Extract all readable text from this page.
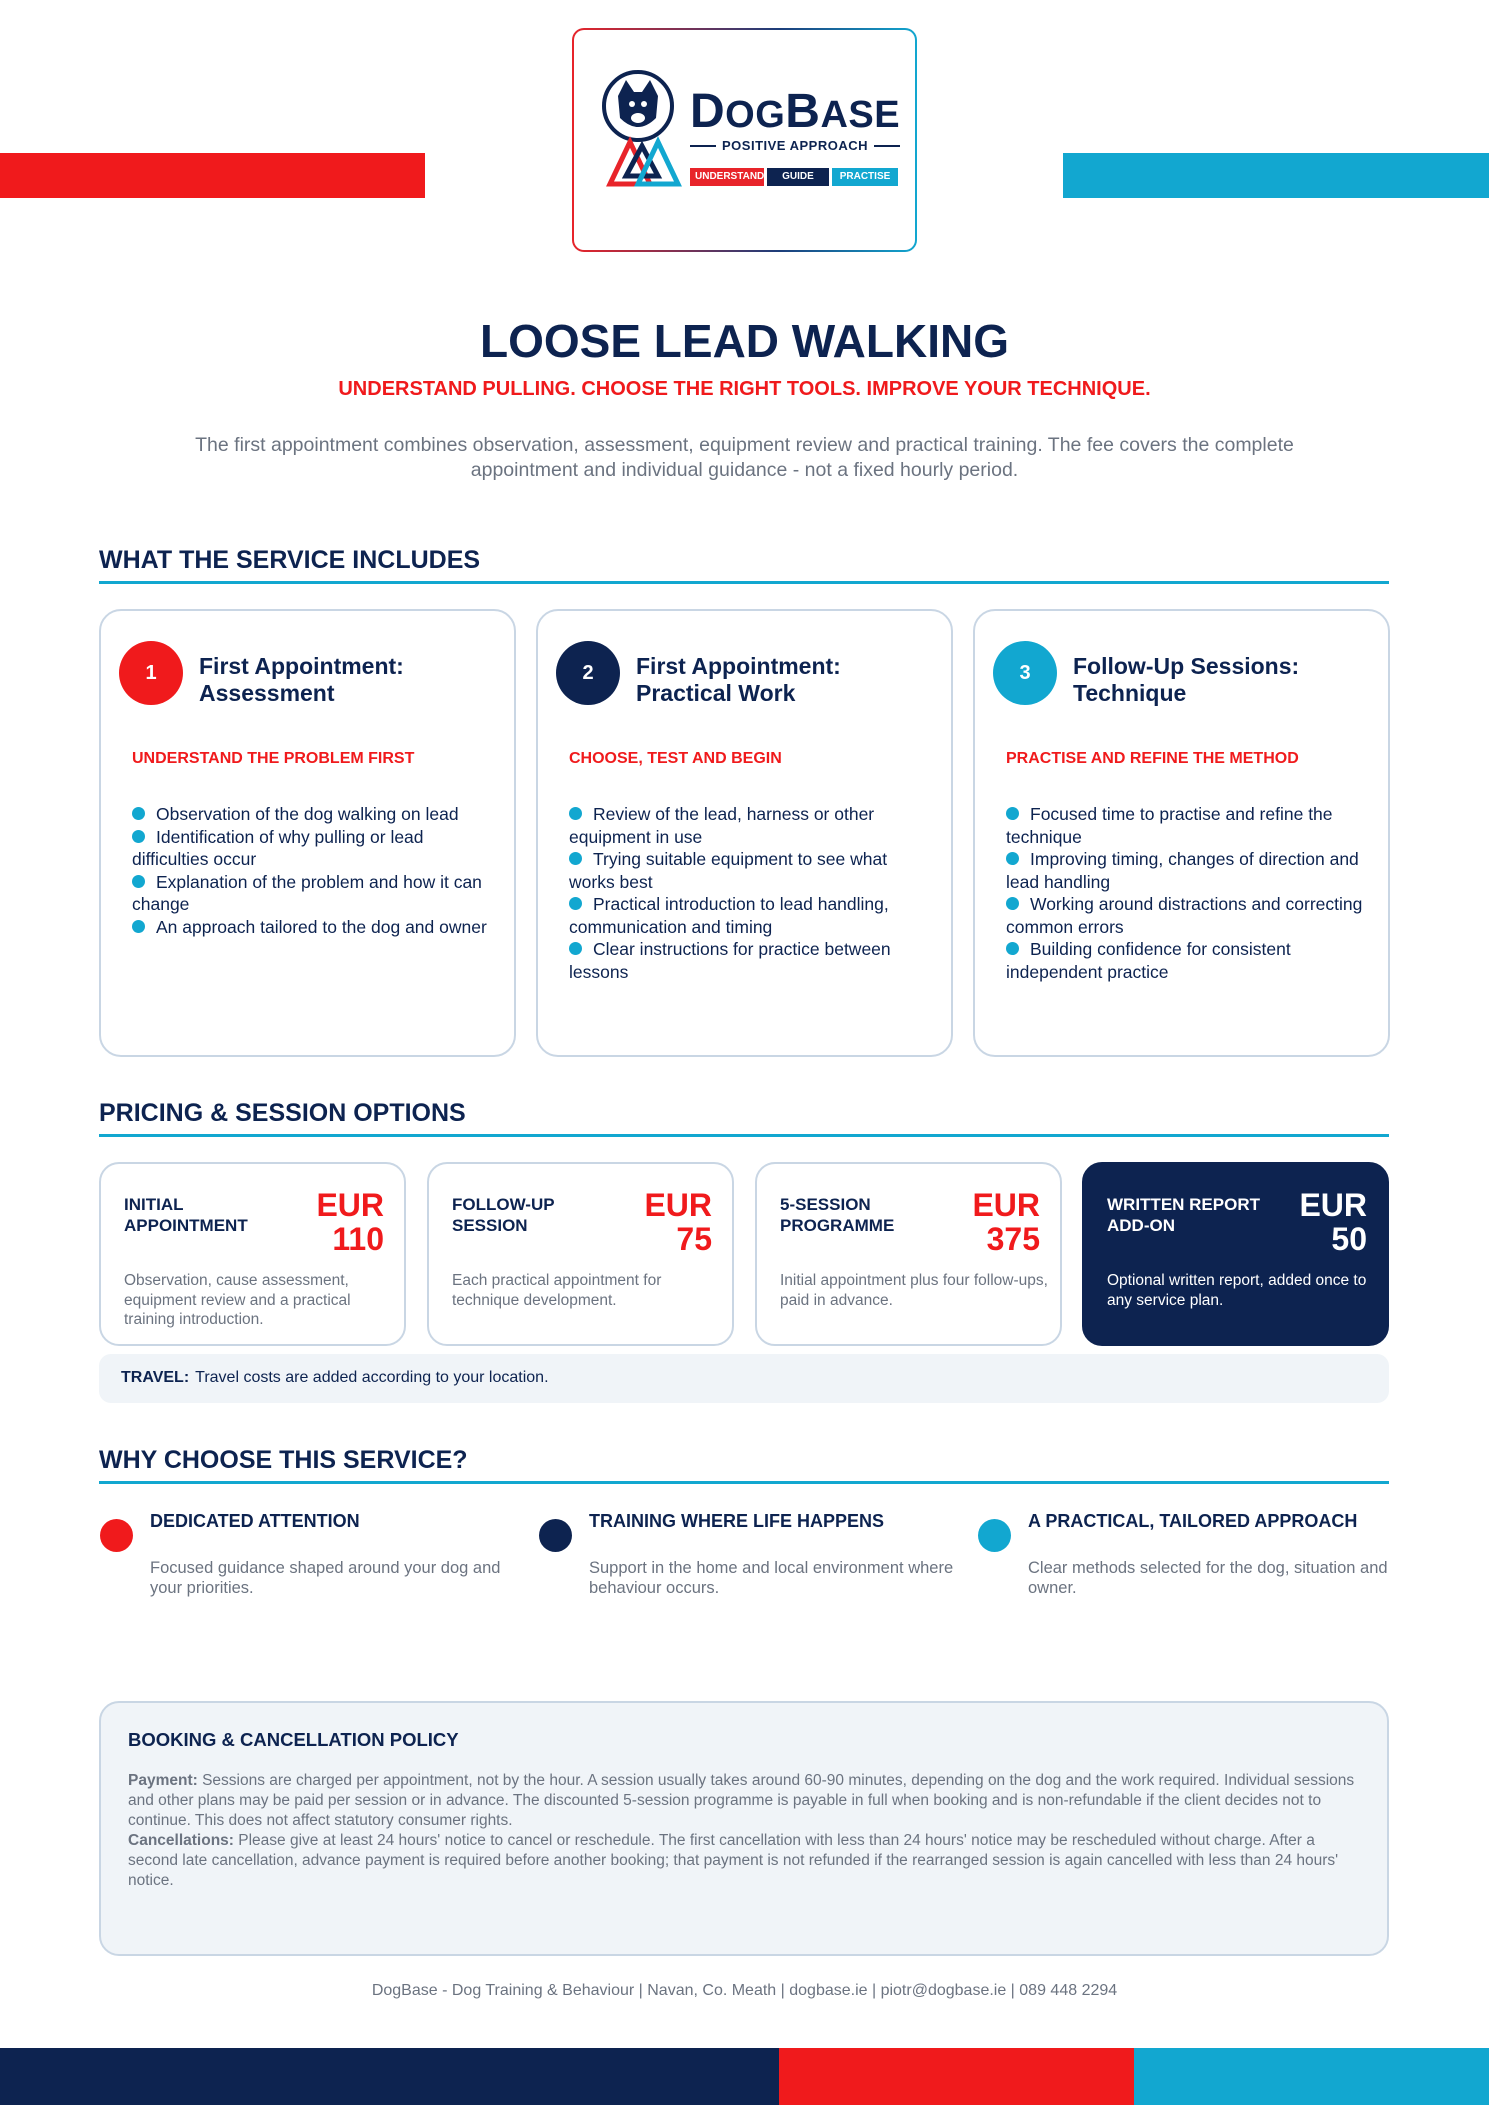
DOGBASE
POSITIVE APPROACH
UNDERSTAND	GUIDE	PRACTISE
LOOSE LEAD WALKING
UNDERSTAND PULLING. CHOOSE THE RIGHT TOOLS. IMPROVE YOUR TECHNIQUE.

The first appointment combines observation, assessment, equipment review and practical training. The fee covers the complete appointment and individual guidance - not a fixed hourly period.

WHAT THE SERVICE INCLUDES
1	First Appointment: Assessment
UNDERSTAND THE PROBLEM FIRST
Observation of the dog walking on lead
Identification of why pulling or lead difficulties occur
Explanation of the problem and how it can change
An approach tailored to the dog and owner
2	First Appointment: Practical Work
CHOOSE, TEST AND BEGIN
Review of the lead, harness or other equipment in use
Trying suitable equipment to see what works best
Practical introduction to lead handling, communication and timing
Clear instructions for practice between lessons
3	Follow-Up Sessions: Technique
PRACTISE AND REFINE THE METHOD
Focused time to practise and refine the technique
Improving timing, changes of direction and lead handling
Working around distractions and correcting common errors
Building confidence for consistent independent practice
PRICING & SESSION OPTIONS
INITIAL APPOINTMENT
EUR
110
Observation, cause assessment, equipment review and a practical training introduction.
FOLLOW-UP SESSION
EUR
75
Each practical appointment for technique development.
5-SESSION PROGRAMME
EUR
375
Initial appointment plus four follow-ups, paid in advance.
WRITTEN REPORT ADD-ON
EUR
50
Optional written report, added once to any service plan.
TRAVEL: Travel costs are added according to your location.
WHY CHOOSE THIS SERVICE?
DEDICATED ATTENTION
Focused guidance shaped around your dog and your priorities.
TRAINING WHERE LIFE HAPPENS
Support in the home and local environment where behaviour occurs.
A PRACTICAL, TAILORED APPROACH
Clear methods selected for the dog, situation and owner.
BOOKING & CANCELLATION POLICY

Payment: Sessions are charged per appointment, not by the hour. A session usually takes around 60-90 minutes, depending on the dog and the work required. Individual sessions and other plans may be paid per session or in advance. The discounted 5-session programme is payable in full when booking and is non-refundable if the client decides not to continue. This does not affect statutory consumer rights.
Cancellations: Please give at least 24 hours' notice to cancel or reschedule. The first cancellation with less than 24 hours' notice may be rescheduled without charge. After a second late cancellation, advance payment is required before another booking; that payment is not refunded if the rearranged session is again cancelled with less than 24 hours' notice.

DogBase - Dog Training & Behaviour | Navan, Co. Meath | dogbase.ie | piotr@dogbase.ie | 089 448 2294
